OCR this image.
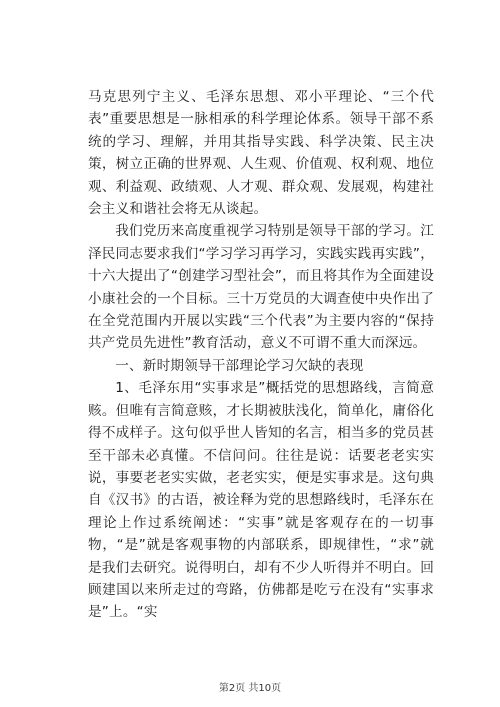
马克思列宁主义、毛泽东思想、邓小平理论、“三个代表”重要思想是一脉相承的科学理论体系。领导干部不系统的学习、理解，并用其指导实践、科学决策、民主决策，树立正确的世界观、人生观、价值观、权利观、地位观、利益观、政绩观、人才观、群众观、发展观，构建社会主义和谐社会将无从谈起。

我们党历来高度重视学习特别是领导干部的学习。江泽民同志要求我们“学习学习再学习，实践实践再实践”，十六大提出了“创建学习型社会”，而且将其作为全面建设小康社会的一个目标。三十万党员的大调查使中央作出了在全党范围内开展以实践“三个代表”为主要内容的“保持共产党员先进性”教育活动，意义不可谓不重大而深远。

一、新时期领导干部理论学习欠缺的表现

1、毛泽东用“实事求是”概括党的思想路线，言简意赅。但唯有言简意赅，才长期被肤浅化，简单化，庸俗化得不成样子。这句似乎世人皆知的名言，相当多的党员甚至干部未必真懂。不信问问。往往是说：话要老老实实说，事要老老实实做，老老实实，便是实事求是。这句典自《汉书》的古语，被诠释为党的思想路线时，毛泽东在理论上作过系统阐述：“实事”就是客观存在的一切事物，“是”就是客观事物的内部联系，即规律性，“求”就是我们去研究。说得明白，却有不少人听得并不明白。回顾建国以来所走过的弯路，仿佛都是吃亏在没有“实事求是”上。“实

第2页 共10页
